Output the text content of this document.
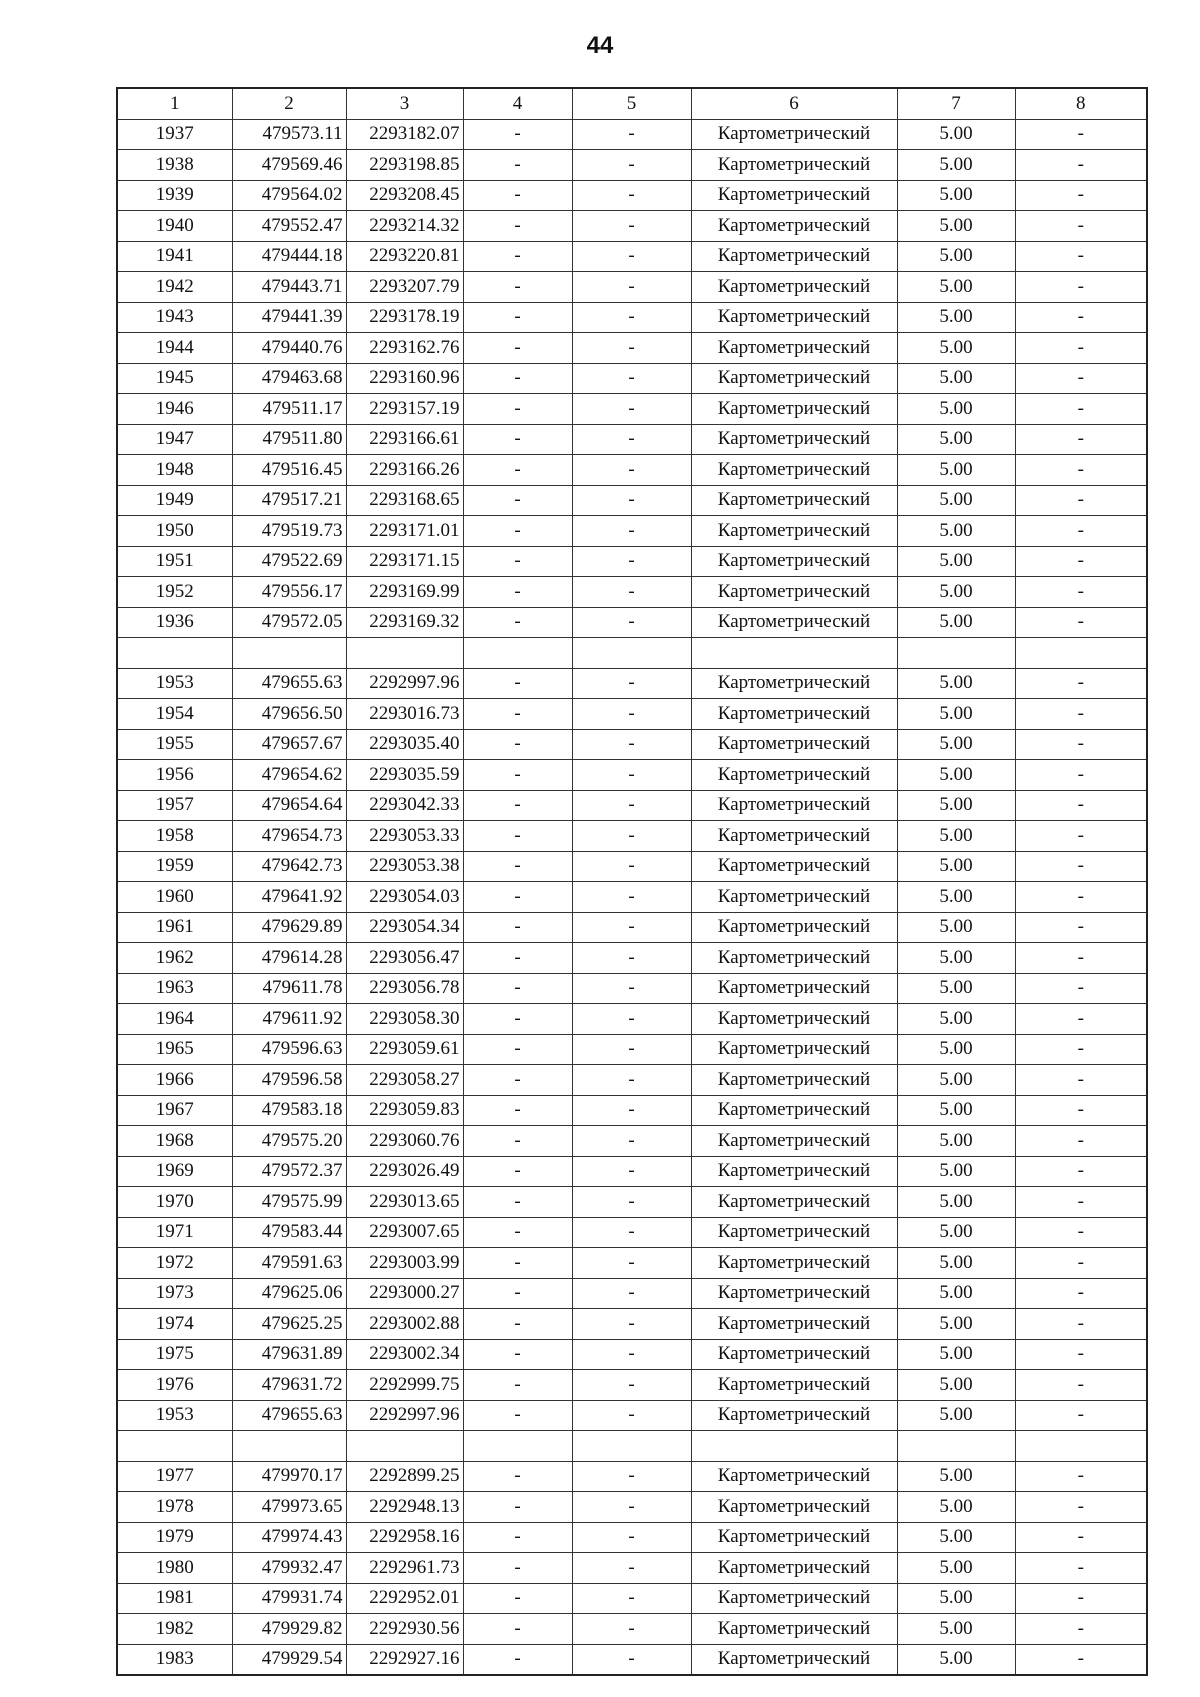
44
1	2	3	4	5	6	7	8
1937	479573.11	2293182.07	-	-	Картометрический	5.00	-
1938	479569.46	2293198.85	-	-	Картометрический	5.00	-
1939	479564.02	2293208.45	-	-	Картометрический	5.00	-
1940	479552.47	2293214.32	-	-	Картометрический	5.00	-
1941	479444.18	2293220.81	-	-	Картометрический	5.00	-
1942	479443.71	2293207.79	-	-	Картометрический	5.00	-
1943	479441.39	2293178.19	-	-	Картометрический	5.00	-
1944	479440.76	2293162.76	-	-	Картометрический	5.00	-
1945	479463.68	2293160.96	-	-	Картометрический	5.00	-
1946	479511.17	2293157.19	-	-	Картометрический	5.00	-
1947	479511.80	2293166.61	-	-	Картометрический	5.00	-
1948	479516.45	2293166.26	-	-	Картометрический	5.00	-
1949	479517.21	2293168.65	-	-	Картометрический	5.00	-
1950	479519.73	2293171.01	-	-	Картометрический	5.00	-
1951	479522.69	2293171.15	-	-	Картометрический	5.00	-
1952	479556.17	2293169.99	-	-	Картометрический	5.00	-
1936	479572.05	2293169.32	-	-	Картометрический	5.00	-

1953	479655.63	2292997.96	-	-	Картометрический	5.00	-
1954	479656.50	2293016.73	-	-	Картометрический	5.00	-
1955	479657.67	2293035.40	-	-	Картометрический	5.00	-
1956	479654.62	2293035.59	-	-	Картометрический	5.00	-
1957	479654.64	2293042.33	-	-	Картометрический	5.00	-
1958	479654.73	2293053.33	-	-	Картометрический	5.00	-
1959	479642.73	2293053.38	-	-	Картометрический	5.00	-
1960	479641.92	2293054.03	-	-	Картометрический	5.00	-
1961	479629.89	2293054.34	-	-	Картометрический	5.00	-
1962	479614.28	2293056.47	-	-	Картометрический	5.00	-
1963	479611.78	2293056.78	-	-	Картометрический	5.00	-
1964	479611.92	2293058.30	-	-	Картометрический	5.00	-
1965	479596.63	2293059.61	-	-	Картометрический	5.00	-
1966	479596.58	2293058.27	-	-	Картометрический	5.00	-
1967	479583.18	2293059.83	-	-	Картометрический	5.00	-
1968	479575.20	2293060.76	-	-	Картометрический	5.00	-
1969	479572.37	2293026.49	-	-	Картометрический	5.00	-
1970	479575.99	2293013.65	-	-	Картометрический	5.00	-
1971	479583.44	2293007.65	-	-	Картометрический	5.00	-
1972	479591.63	2293003.99	-	-	Картометрический	5.00	-
1973	479625.06	2293000.27	-	-	Картометрический	5.00	-
1974	479625.25	2293002.88	-	-	Картометрический	5.00	-
1975	479631.89	2293002.34	-	-	Картометрический	5.00	-
1976	479631.72	2292999.75	-	-	Картометрический	5.00	-
1953	479655.63	2292997.96	-	-	Картометрический	5.00	-

1977	479970.17	2292899.25	-	-	Картометрический	5.00	-
1978	479973.65	2292948.13	-	-	Картометрический	5.00	-
1979	479974.43	2292958.16	-	-	Картометрический	5.00	-
1980	479932.47	2292961.73	-	-	Картометрический	5.00	-
1981	479931.74	2292952.01	-	-	Картометрический	5.00	-
1982	479929.82	2292930.56	-	-	Картометрический	5.00	-
1983	479929.54	2292927.16	-	-	Картометрический	5.00	-
